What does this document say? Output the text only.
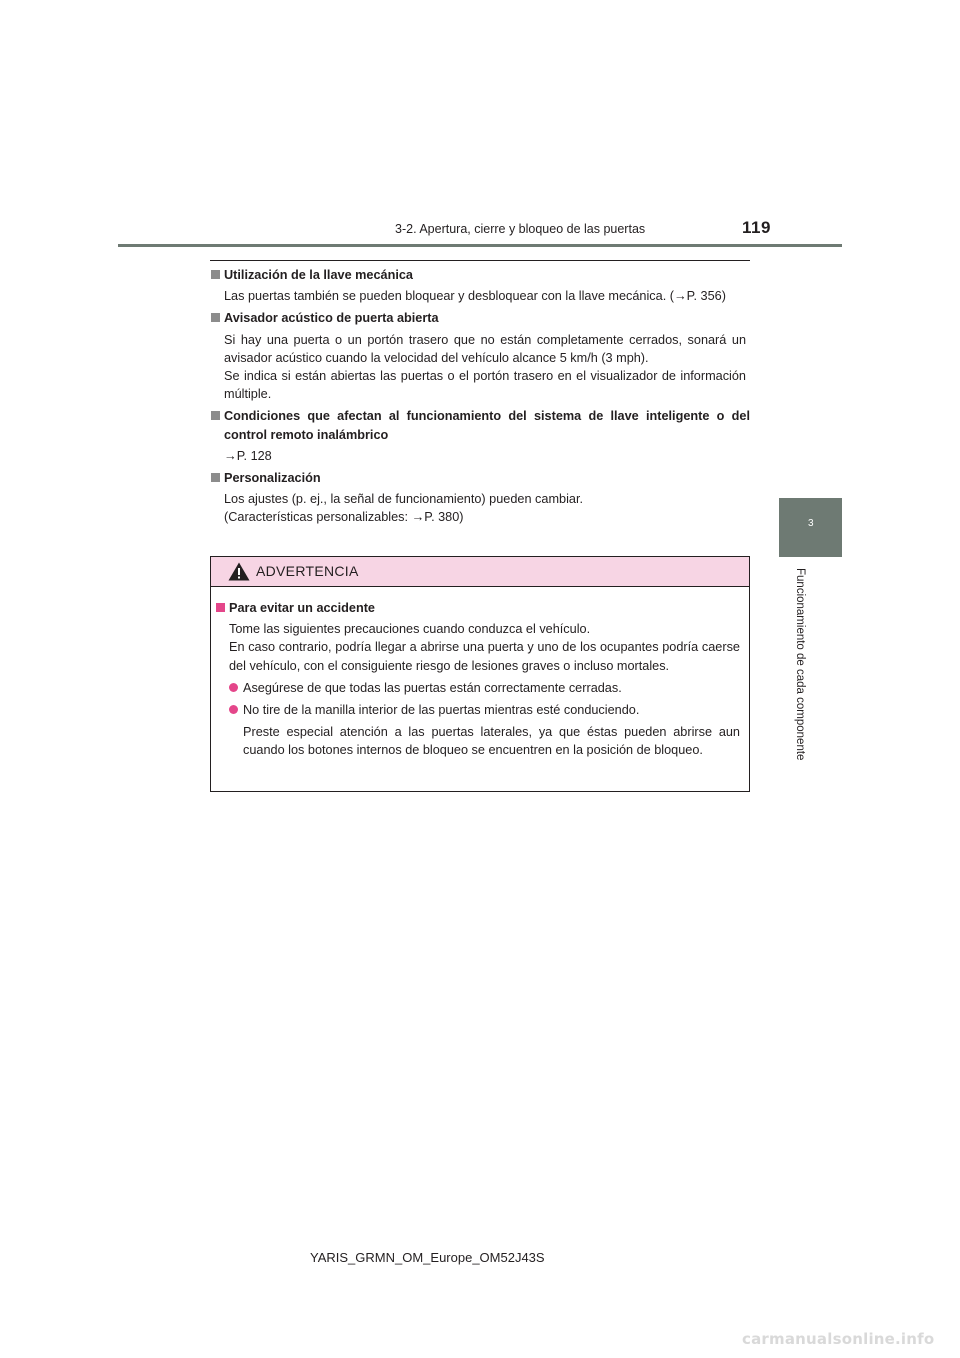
3-2. Apertura, cierre y bloqueo de las puertas	119
3
Funcionamiento de cada componente
Utilización de la llave mecánica
Las puertas también se pueden bloquear y desbloquear con la llave mecánica. (→P. 356)
Avisador acústico de puerta abierta
Si hay una puerta o un portón trasero que no están completamente cerrados, sonará un avisador acústico cuando la velocidad del vehículo alcance 5 km/h (3 mph).
Se indica si están abiertas las puertas o el portón trasero en el visualizador de información múltiple.
Condiciones que afectan al funcionamiento del sistema de llave inteligente o del control remoto inalámbrico
→P. 128
Personalización
Los ajustes (p. ej., la señal de funcionamiento) pueden cambiar.
(Características personalizables: →P. 380)
ADVERTENCIA
Para evitar un accidente
Tome las siguientes precauciones cuando conduzca el vehículo.
En caso contrario, podría llegar a abrirse una puerta y uno de los ocupantes podría caerse del vehículo, con el consiguiente riesgo de lesiones graves o incluso mortales.
Asegúrese de que todas las puertas están correctamente cerradas.
No tire de la manilla interior de las puertas mientras esté conduciendo.
Preste especial atención a las puertas laterales, ya que éstas pueden abrirse aun cuando los botones internos de bloqueo se encuentren en la posición de bloqueo.
YARIS_GRMN_OM_Europe_OM52J43S
carmanualsonline.info
